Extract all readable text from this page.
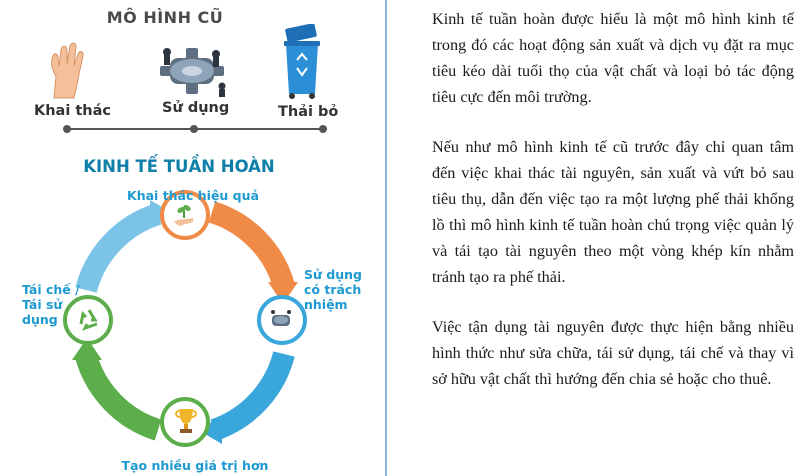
MÔ HÌNH CŨ
Khai thác	Sử dụng	Thải bỏ
KINH TẾ TUẦN HOÀN
Khai thác hiệu quả
Sử dụng
có trách
nhiệm
Tái chế /
Tái sử
dụng
Tạo nhiều giá trị hơn

Kinh tế tuần hoàn được hiểu là một mô hình kinh tế trong đó các hoạt động sản xuất và dịch vụ đặt ra mục tiêu kéo dài tuổi thọ của vật chất và loại bỏ tác động tiêu cực đến môi trường.

Nếu như mô hình kinh tế cũ trước đây chỉ quan tâm đến việc khai thác tài nguyên, sản xuất và vứt bỏ sau tiêu thụ, dẫn đến việc tạo ra một lượng phế thải khổng lồ thì mô hình kinh tế tuần hoàn chú trọng việc quản lý và tái tạo tài nguyên theo một vòng khép kín nhằm tránh tạo ra phế thải.

Việc tận dụng tài nguyên được thực hiện bằng nhiều hình thức như sửa chữa, tái sử dụng, tái chế và thay vì sở hữu vật chất thì hướng đến chia sẻ hoặc cho thuê.
